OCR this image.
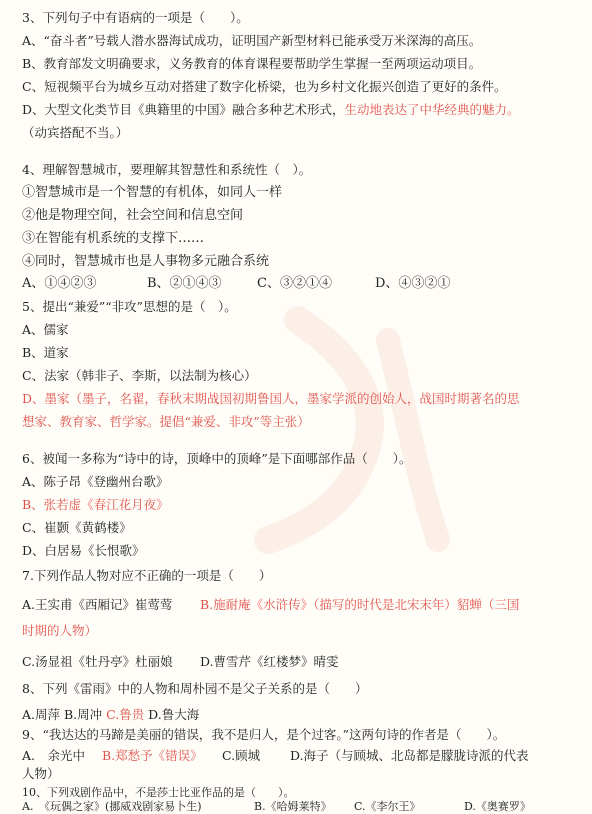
3、下列句子中有语病的一项是（　　）。
A、“奋斗者”号载人潜水器海试成功，证明国产新型材料已能承受万米深海的高压。
B、教育部发文明确要求，义务教育的体育课程要帮助学生掌握一至两项运动项目。
C、短视频平台为城乡互动对搭建了数字化桥梁，也为乡村文化振兴创造了更好的条件。
D、大型文化类节目《典籍里的中国》融合多种艺术形式，生动地表达了中华经典的魅力。
（动宾搭配不当。）
4、理解智慧城市，要理解其智慧性和系统性（　）。
①智慧城市是一个智慧的有机体，如同人一样
②他是物理空间，社会空间和信息空间
③在智能有机系统的支撑下……
④同时，智慧城市也是人事物多元融合系统
A、①④②③	B、②①④③	C、③②①④	D、④③②①
5、提出“兼爱”“非攻”思想的是（　）。
A、儒家
B、道家
C、法家（韩非子、李斯，以法制为核心）
D、墨家（墨子，名翟，春秋末期战国初期鲁国人，墨家学派的创始人，战国时期著名的思
想家、教育家、哲学家。提倡“兼爱、非攻”等主张）
6、被闻一多称为“诗中的诗，顶峰中的顶峰”是下面哪部作品（　　）。
A、陈子昂《登幽州台歌》
B、张若虚《春江花月夜》
C、崔颢《黄鹤楼》
D、白居易《长恨歌》
7.下列作品人物对应不正确的一项是（　　）
A.王实甫《西厢记》崔莺莺 B.施耐庵《水浒传》（描写的时代是北宋末年）貂蝉（三国
时期的人物）
C.汤显祖《牡丹亭》杜丽娘 D.曹雪芹《红楼梦》晴雯
8、下列《雷雨》中的人物和周朴园不是父子关系的是（　　）
A.周萍 B.周冲 C.鲁贵 D.鲁大海
9、“我达达的马蹄是美丽的错误，我不是归人，是个过客。”这两句诗的作者是（　　）。
A.　余光中 B.郑愁予《错误》 C.顾城 D.海子（与顾城、北岛都是朦胧诗派的代表
人物）
10、下列戏剧作品中，不是莎士比亚作品的是（　　）。
A.　《玩偶之家》(挪威戏剧家易卜生)	B.《哈姆莱特》 C.《李尔王》	D.《奥赛罗》
